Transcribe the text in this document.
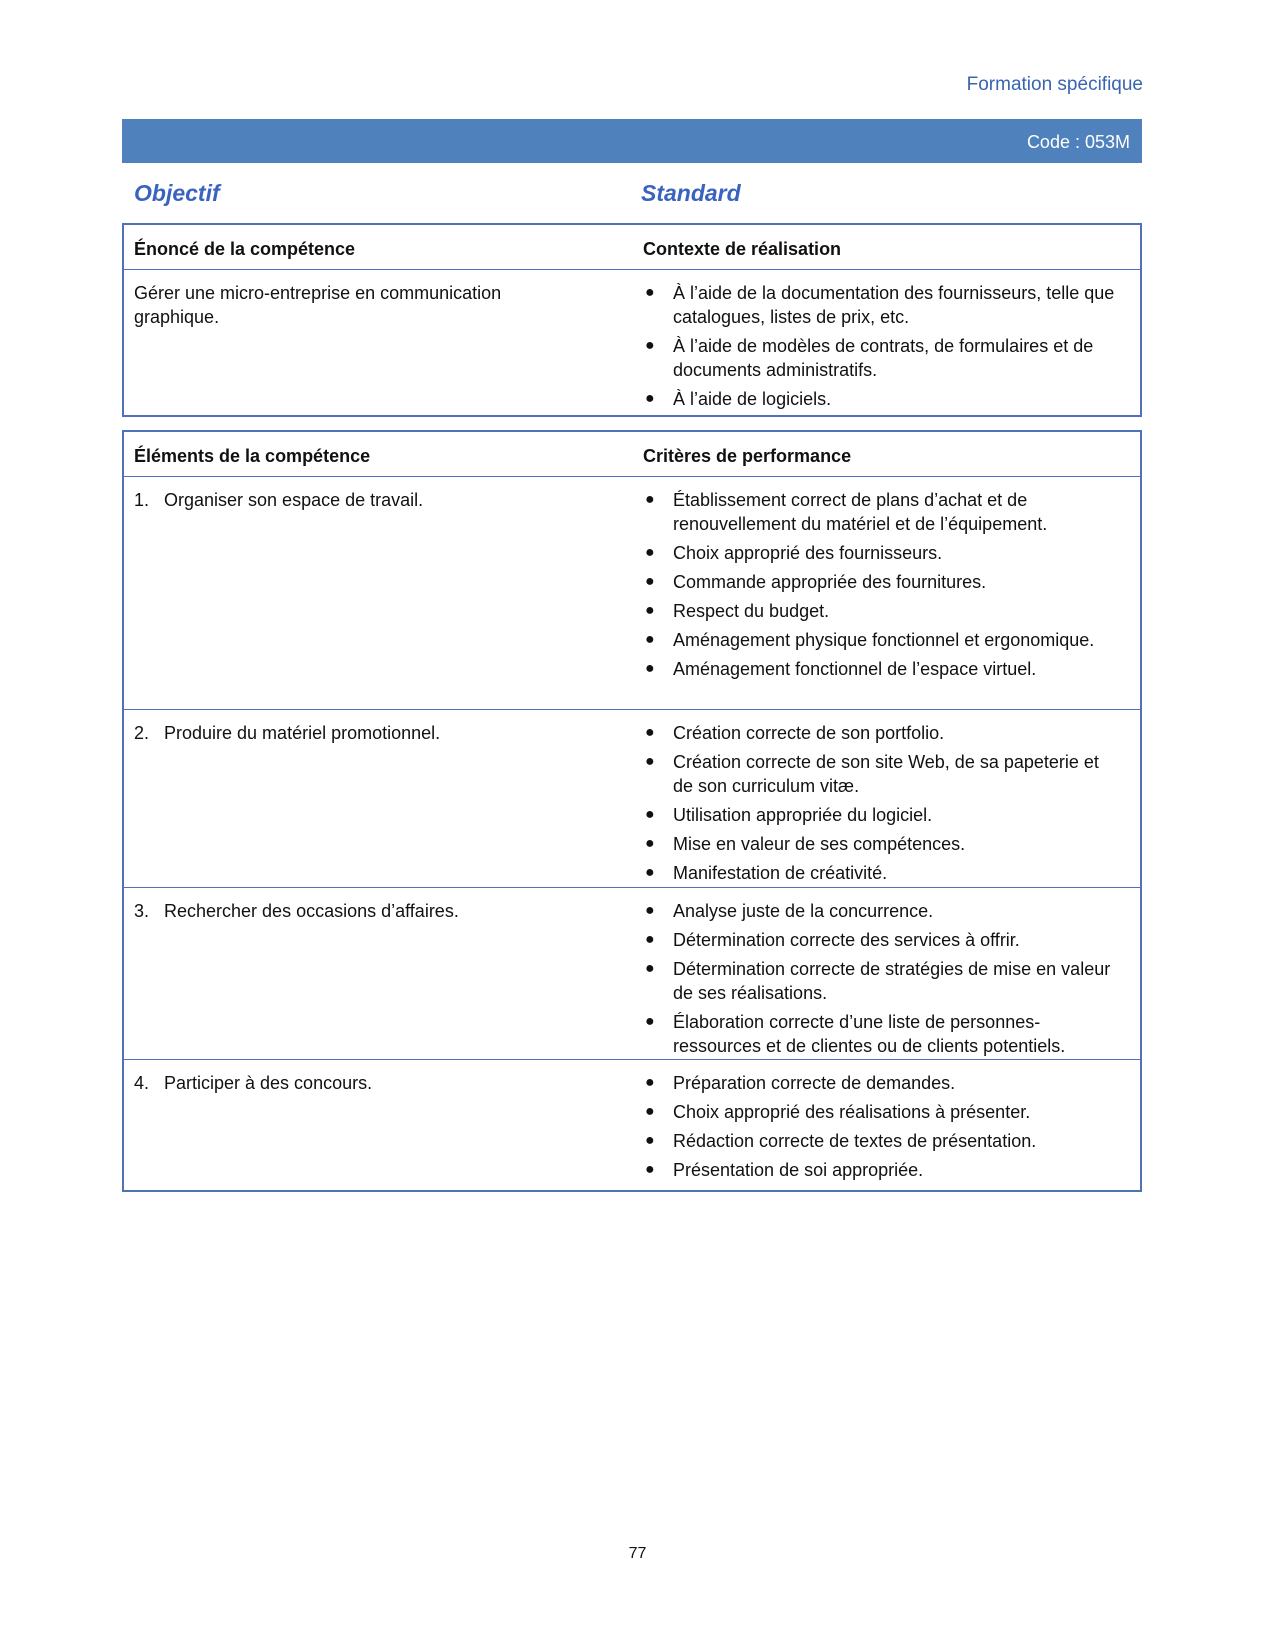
Formation spécifique
Code : 053M
Objectif	Standard
Énoncé de la compétence	Contexte de réalisation
Gérer une micro-entreprise en communication graphique.
● À l’aide de la documentation des fournisseurs, telle que catalogues, listes de prix, etc.
● À l’aide de modèles de contrats, de formulaires et de documents administratifs.
● À l’aide de logiciels.
Éléments de la compétence	Critères de performance
1. Organiser son espace de travail.	● Établissement correct de plans d’achat et de renouvellement du matériel et de l’équipement.
● Choix approprié des fournisseurs.
● Commande appropriée des fournitures.
● Respect du budget.
● Aménagement physique fonctionnel et ergonomique.
● Aménagement fonctionnel de l’espace virtuel.
2. Produire du matériel promotionnel.	● Création correcte de son portfolio.
● Création correcte de son site Web, de sa papeterie et de son curriculum vitæ.
● Utilisation appropriée du logiciel.
● Mise en valeur de ses compétences.
● Manifestation de créativité.
3. Rechercher des occasions d’affaires.	● Analyse juste de la concurrence.
● Détermination correcte des services à offrir.
● Détermination correcte de stratégies de mise en valeur de ses réalisations.
● Élaboration correcte d’une liste de personnes-ressources et de clientes ou de clients potentiels.
4. Participer à des concours.	● Préparation correcte de demandes.
● Choix approprié des réalisations à présenter.
● Rédaction correcte de textes de présentation.
● Présentation de soi appropriée.
77
